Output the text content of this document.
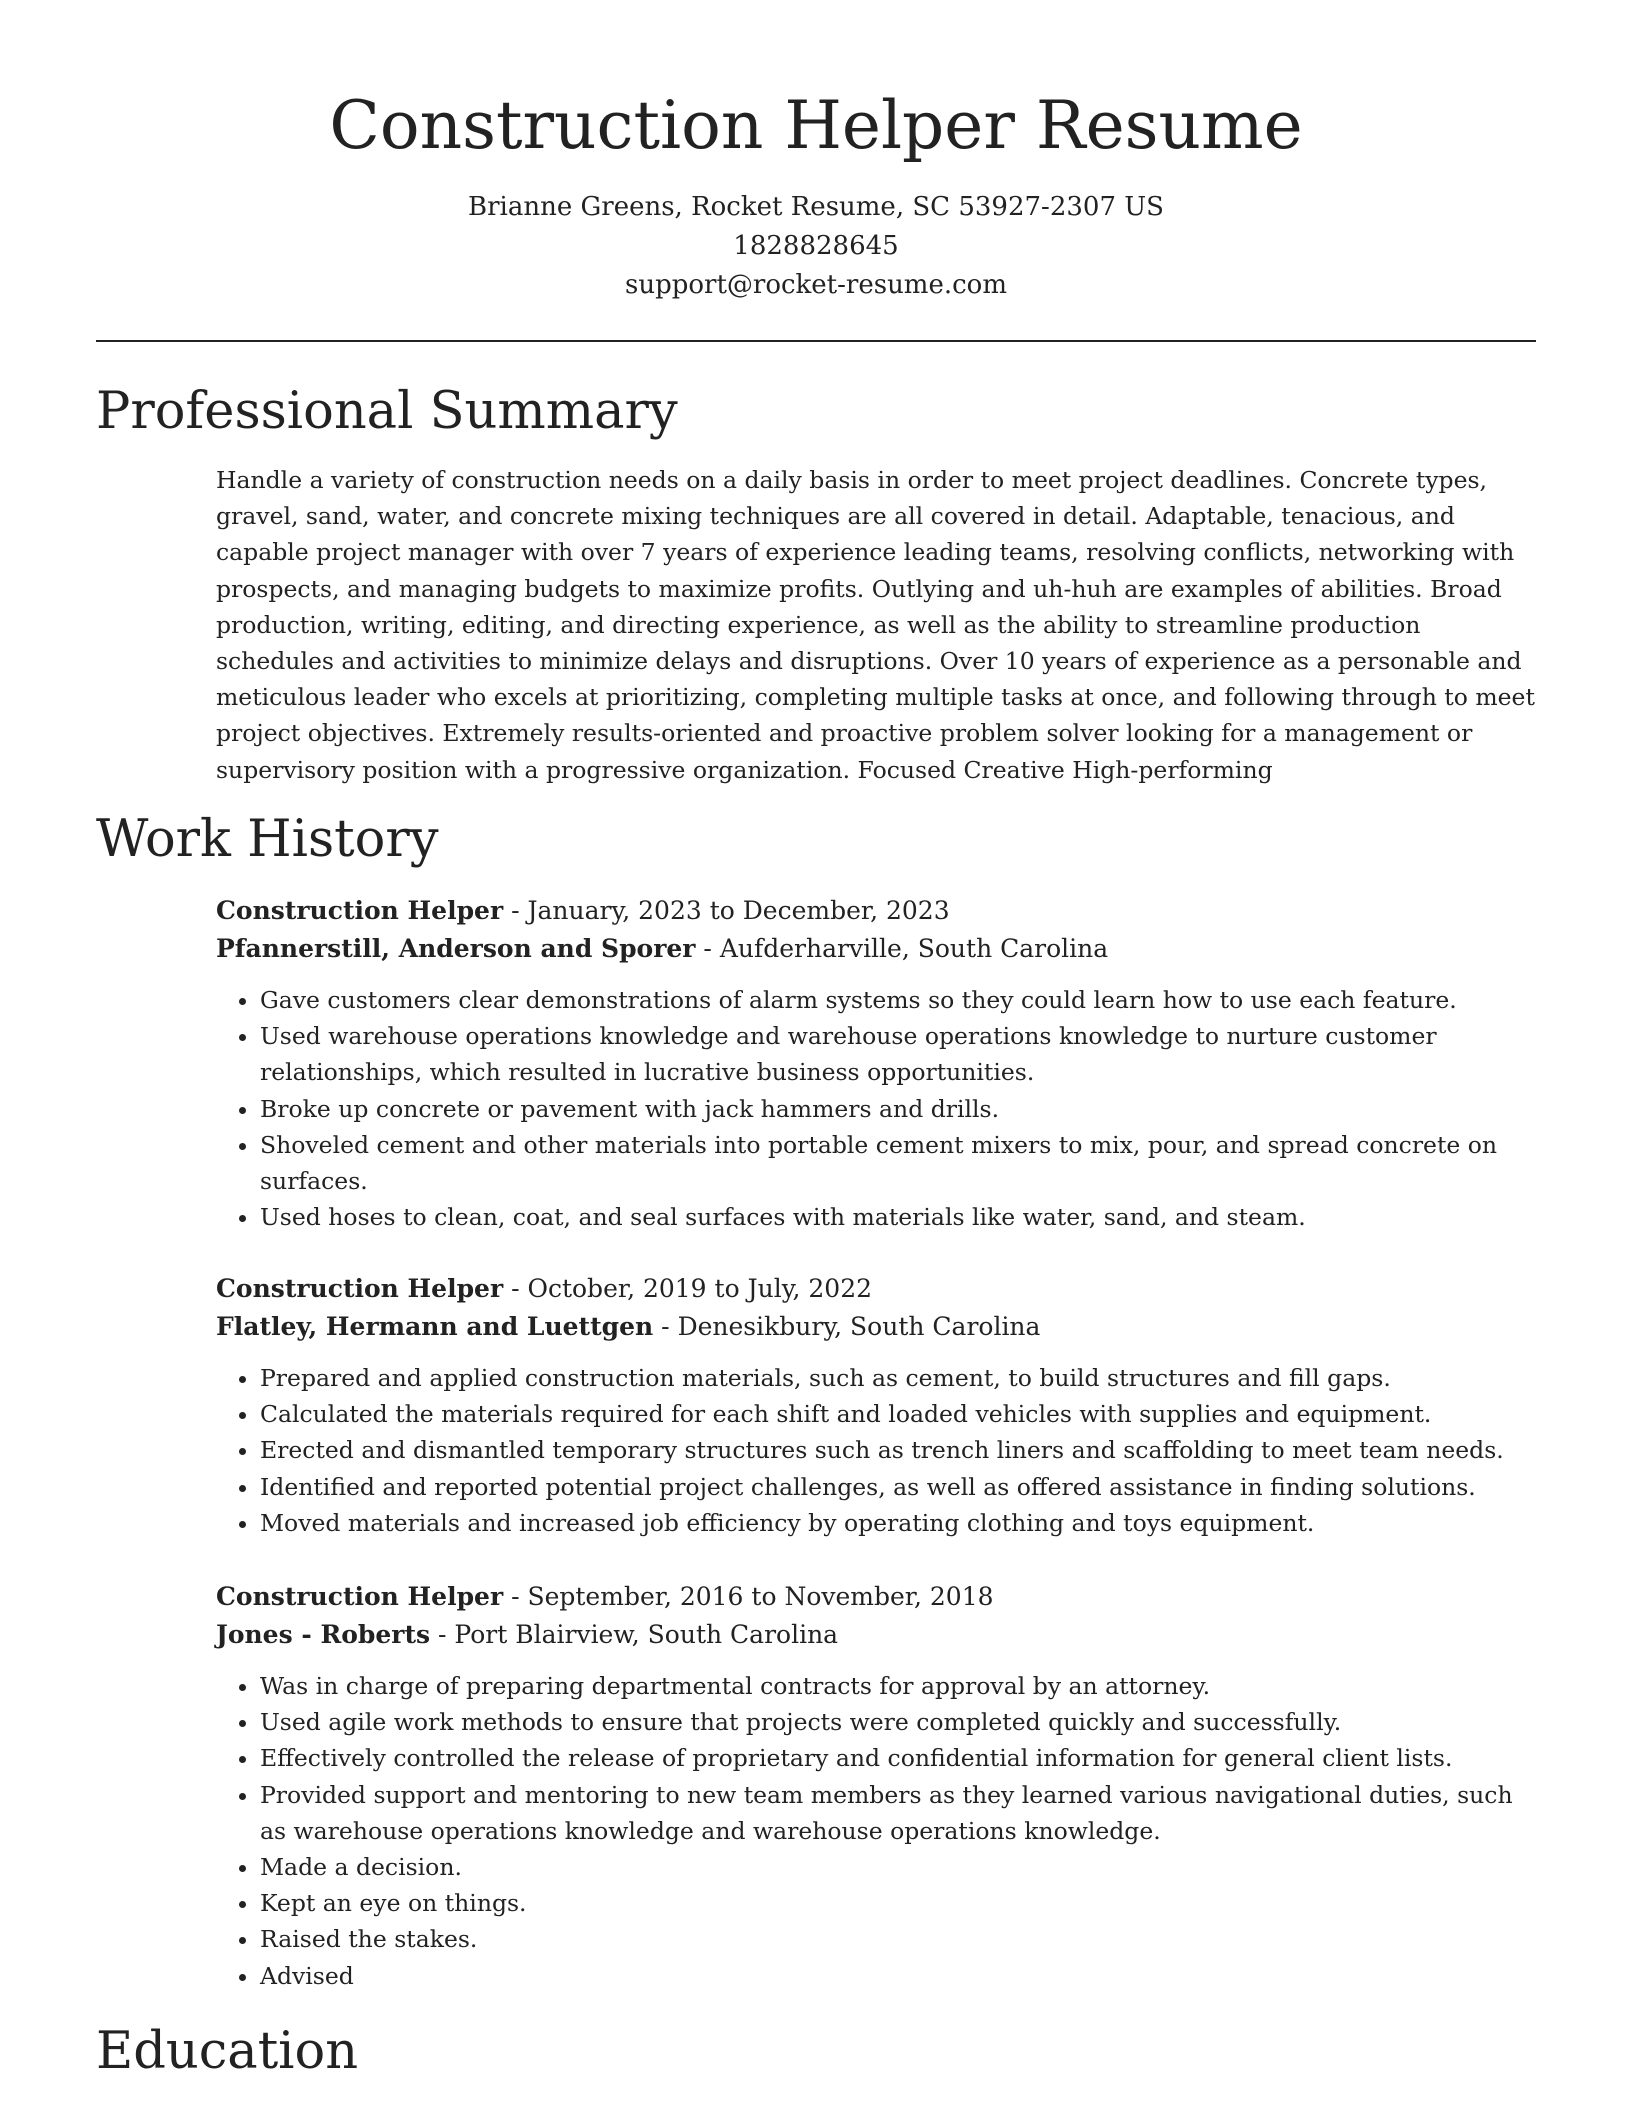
Construction Helper Resume
Brianne Greens, Rocket Resume, SC 53927-2307 US
1828828645
support@rocket-resume.com
Professional Summary

Handle a variety of construction needs on a daily basis in order to meet project deadlines. Concrete types, gravel, sand, water, and concrete mixing techniques are all covered in detail. Adaptable, tenacious, and capable project manager with over 7 years of experience leading teams, resolving conflicts, networking with prospects, and managing budgets to maximize profits. Outlying and uh-huh are examples of abilities. Broad production, writing, editing, and directing experience, as well as the ability to streamline production schedules and activities to minimize delays and disruptions. Over 10 years of experience as a personable and meticulous leader who excels at prioritizing, completing multiple tasks at once, and following through to meet project objectives. Extremely results-oriented and proactive problem solver looking for a management or supervisory position with a progressive organization. Focused Creative High-performing

Work History
Construction Helper - January, 2023 to December, 2023
Pfannerstill, Anderson and Sporer - Aufderharville, South Carolina
• Gave customers clear demonstrations of alarm systems so they could learn how to use each feature.
• Used warehouse operations knowledge and warehouse operations knowledge to nurture customer relationships, which resulted in lucrative business opportunities.
• Broke up concrete or pavement with jack hammers and drills.
• Shoveled cement and other materials into portable cement mixers to mix, pour, and spread concrete on surfaces.
• Used hoses to clean, coat, and seal surfaces with materials like water, sand, and steam.
Construction Helper - October, 2019 to July, 2022
Flatley, Hermann and Luettgen - Denesikbury, South Carolina
• Prepared and applied construction materials, such as cement, to build structures and fill gaps.
• Calculated the materials required for each shift and loaded vehicles with supplies and equipment.
• Erected and dismantled temporary structures such as trench liners and scaffolding to meet team needs.
• Identified and reported potential project challenges, as well as offered assistance in finding solutions.
• Moved materials and increased job efficiency by operating clothing and toys equipment.
Construction Helper - September, 2016 to November, 2018
Jones - Roberts - Port Blairview, South Carolina
• Was in charge of preparing departmental contracts for approval by an attorney.
• Used agile work methods to ensure that projects were completed quickly and successfully.
• Effectively controlled the release of proprietary and confidential information for general client lists.
• Provided support and mentoring to new team members as they learned various navigational duties, such as warehouse operations knowledge and warehouse operations knowledge.
• Made a decision.
• Kept an eye on things.
• Raised the stakes.
• Advised
Education
